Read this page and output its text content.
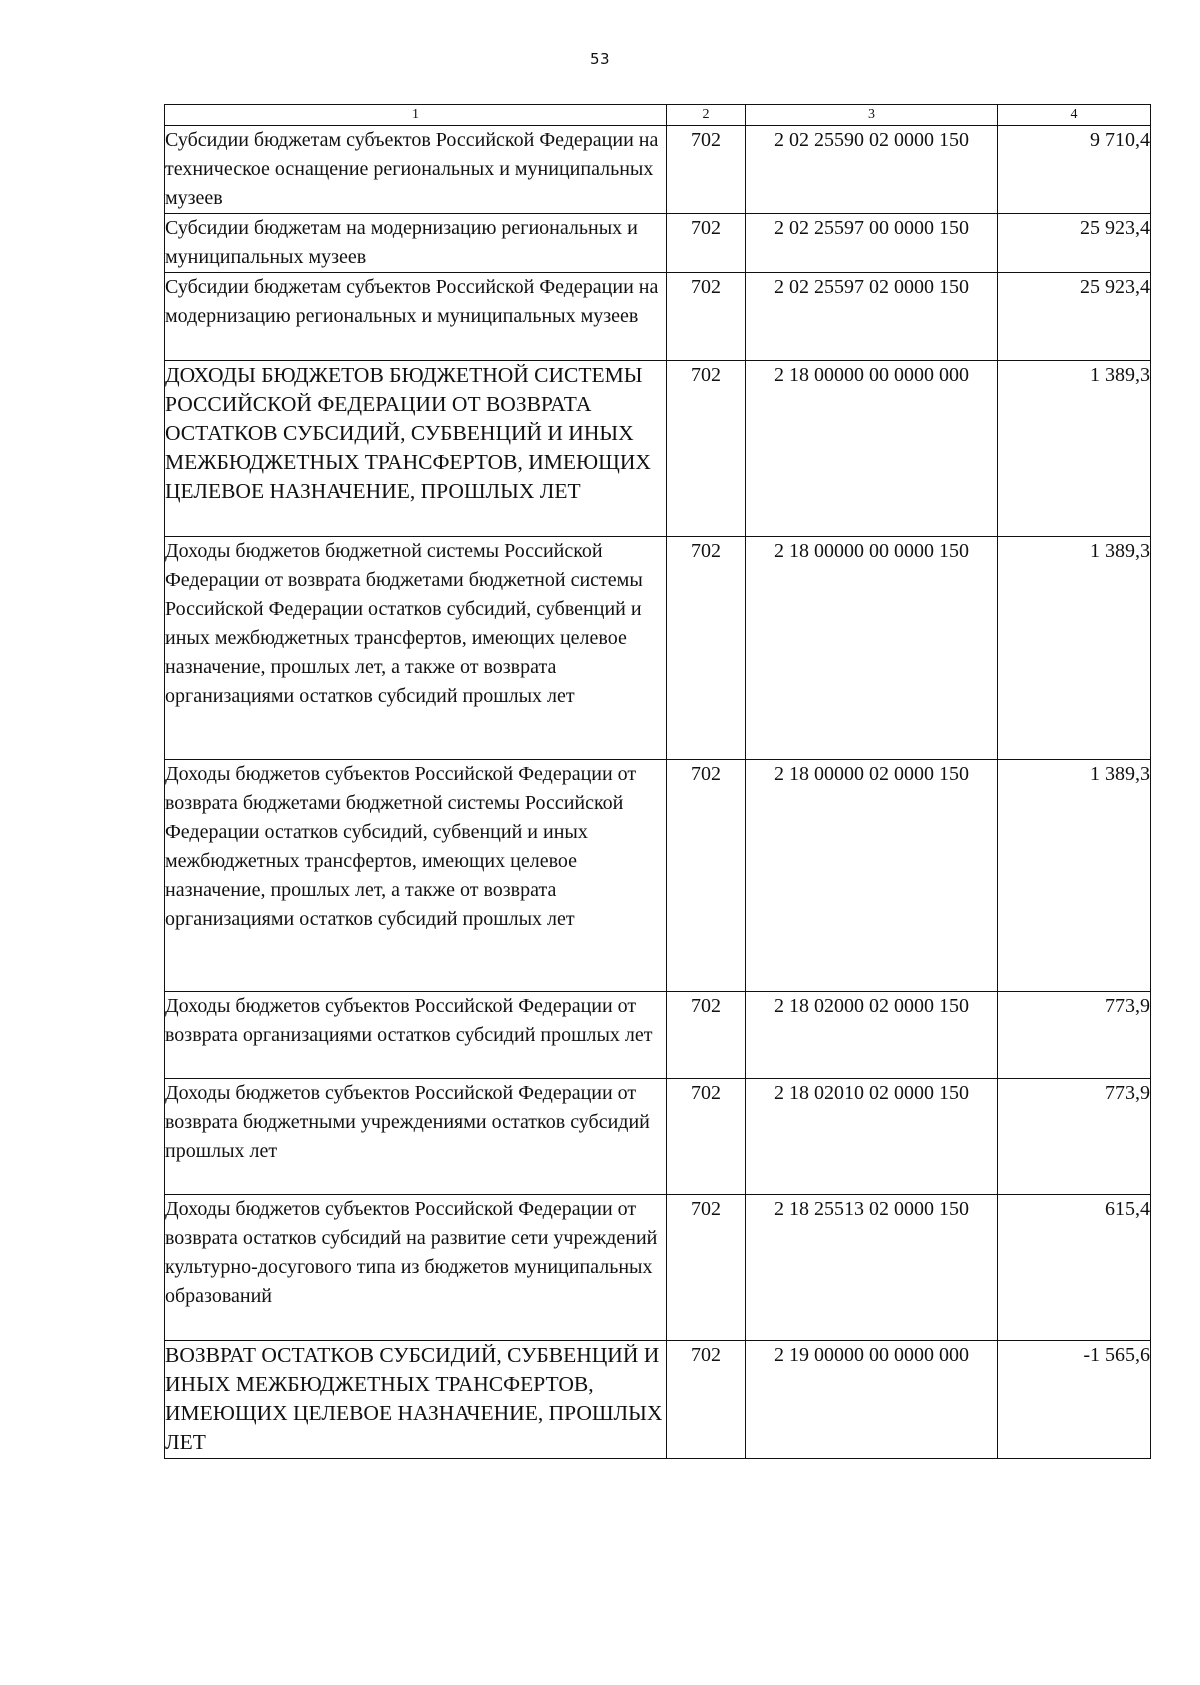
53
1	2	3	4
Субсидии бюджетам субъектов Российской Федерации на техническое оснащение региональных и муниципальных музеев	702	2 02 25590 02 0000 150	9 710,4
Субсидии бюджетам на модернизацию региональных и муниципальных музеев	702	2 02 25597 00 0000 150	25 923,4
Субсидии бюджетам субъектов Российской Федерации на модернизацию региональных и муниципальных музеев	702	2 02 25597 02 0000 150	25 923,4
ДОХОДЫ БЮДЖЕТОВ БЮДЖЕТНОЙ СИСТЕМЫ РОССИЙСКОЙ ФЕДЕРАЦИИ ОТ ВОЗВРАТА ОСТАТКОВ СУБСИДИЙ, СУБВЕНЦИЙ И ИНЫХ МЕЖБЮДЖЕТНЫХ ТРАНСФЕРТОВ, ИМЕЮЩИХ ЦЕЛЕВОЕ НАЗНАЧЕНИЕ, ПРОШЛЫХ ЛЕТ	702	2 18 00000 00 0000 000	1 389,3
Доходы бюджетов бюджетной системы Российской Федерации от возврата бюджетами бюджетной системы Российской Федерации остатков субсидий, субвенций и иных межбюджетных трансфертов, имеющих целевое назначение, прошлых лет, а также от возврата организациями остатков субсидий прошлых лет	702	2 18 00000 00 0000 150	1 389,3
Доходы бюджетов субъектов Российской Федерации от возврата бюджетами бюджетной системы Российской Федерации остатков субсидий, субвенций и иных межбюджетных трансфертов, имеющих целевое назначение, прошлых лет, а также от возврата организациями остатков субсидий прошлых лет	702	2 18 00000 02 0000 150	1 389,3
Доходы бюджетов субъектов Российской Федерации от возврата организациями остатков субсидий прошлых лет	702	2 18 02000 02 0000 150	773,9
Доходы бюджетов субъектов Российской Федерации от возврата бюджетными учреждениями остатков субсидий прошлых лет	702	2 18 02010 02 0000 150	773,9
Доходы бюджетов субъектов Российской Федерации от возврата остатков субсидий на развитие сети учреждений культурно-досугового типа из бюджетов муниципальных образований	702	2 18 25513 02 0000 150	615,4
ВОЗВРАТ ОСТАТКОВ СУБСИДИЙ, СУБВЕНЦИЙ И ИНЫХ МЕЖБЮДЖЕТНЫХ ТРАНСФЕРТОВ, ИМЕЮЩИХ ЦЕЛЕВОЕ НАЗНАЧЕНИЕ, ПРОШЛЫХ ЛЕТ	702	2 19 00000 00 0000 000	-1 565,6
